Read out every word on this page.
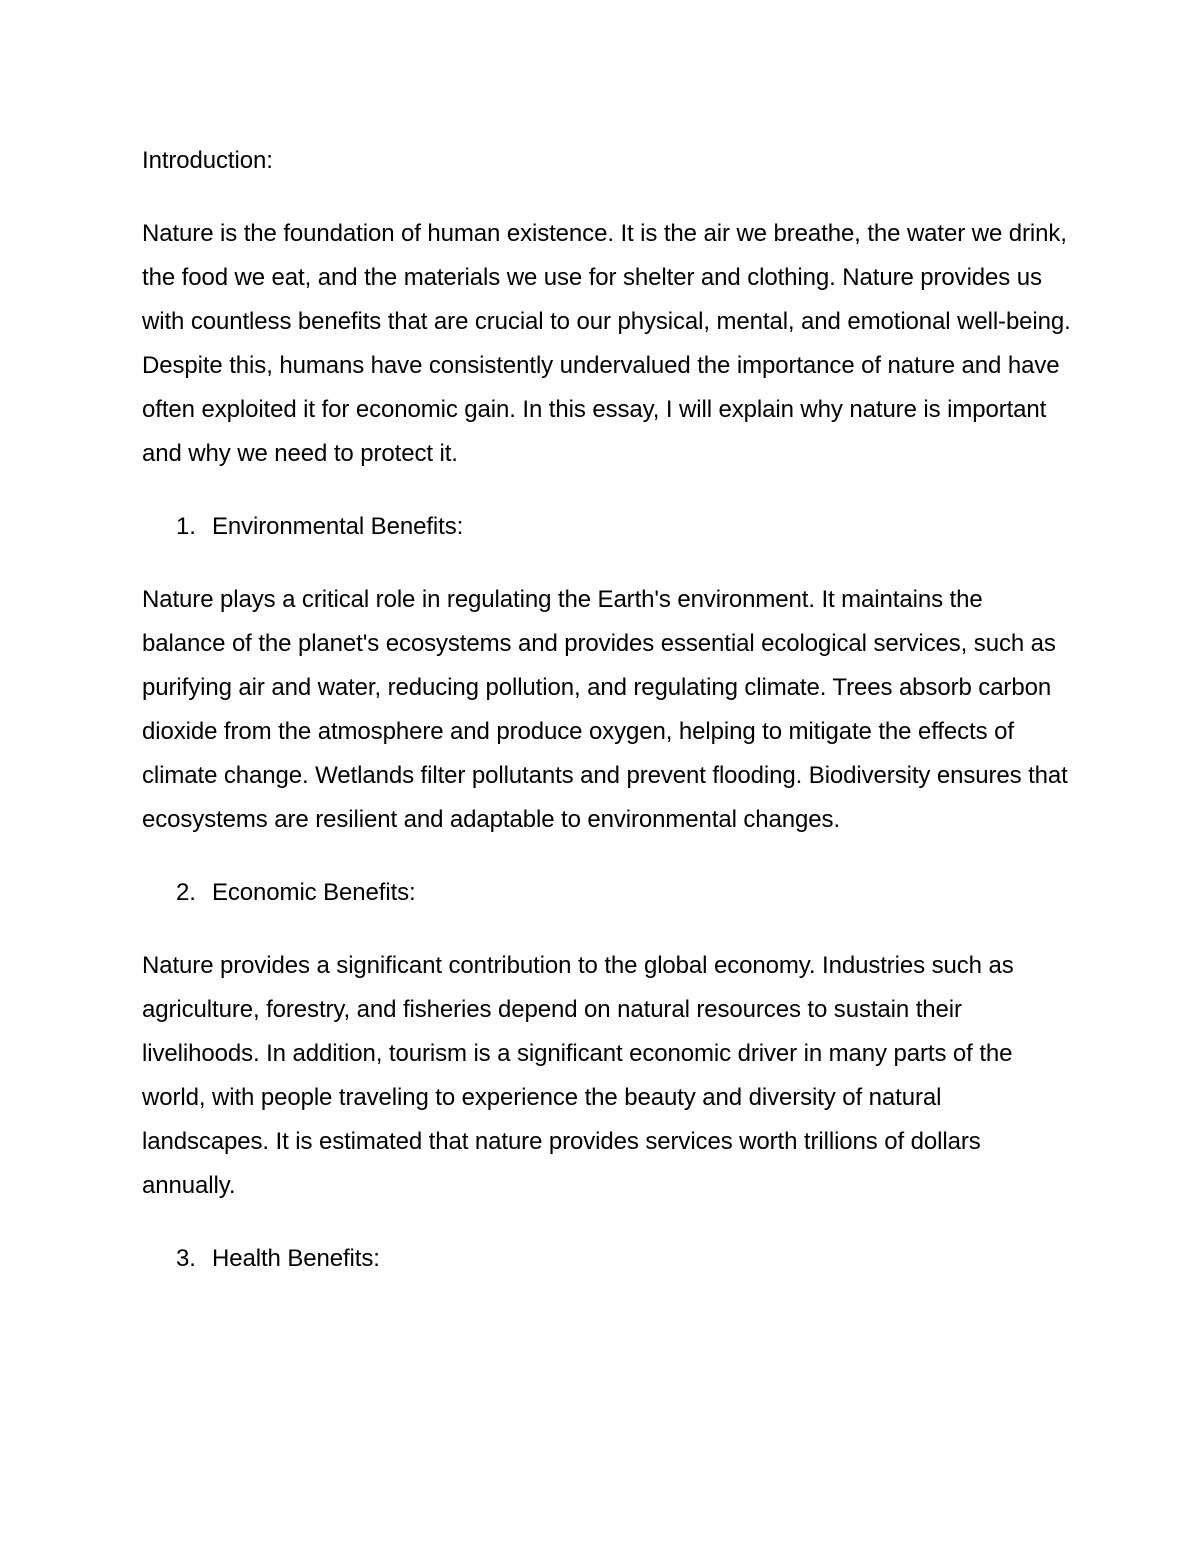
Introduction:

Nature is the foundation of human existence. It is the air we breathe, the water we drink, the food we eat, and the materials we use for shelter and clothing. Nature provides us with countless benefits that are crucial to our physical, mental, and emotional well-being. Despite this, humans have consistently undervalued the importance of nature and have often exploited it for economic gain. In this essay, I will explain why nature is important and why we need to protect it.

1. Environmental Benefits:

Nature plays a critical role in regulating the Earth's environment. It maintains the balance of the planet's ecosystems and provides essential ecological services, such as purifying air and water, reducing pollution, and regulating climate. Trees absorb carbon dioxide from the atmosphere and produce oxygen, helping to mitigate the effects of climate change. Wetlands filter pollutants and prevent flooding. Biodiversity ensures that ecosystems are resilient and adaptable to environmental changes.

2. Economic Benefits:

Nature provides a significant contribution to the global economy. Industries such as agriculture, forestry, and fisheries depend on natural resources to sustain their livelihoods. In addition, tourism is a significant economic driver in many parts of the world, with people traveling to experience the beauty and diversity of natural landscapes. It is estimated that nature provides services worth trillions of dollars annually.

3. Health Benefits:
